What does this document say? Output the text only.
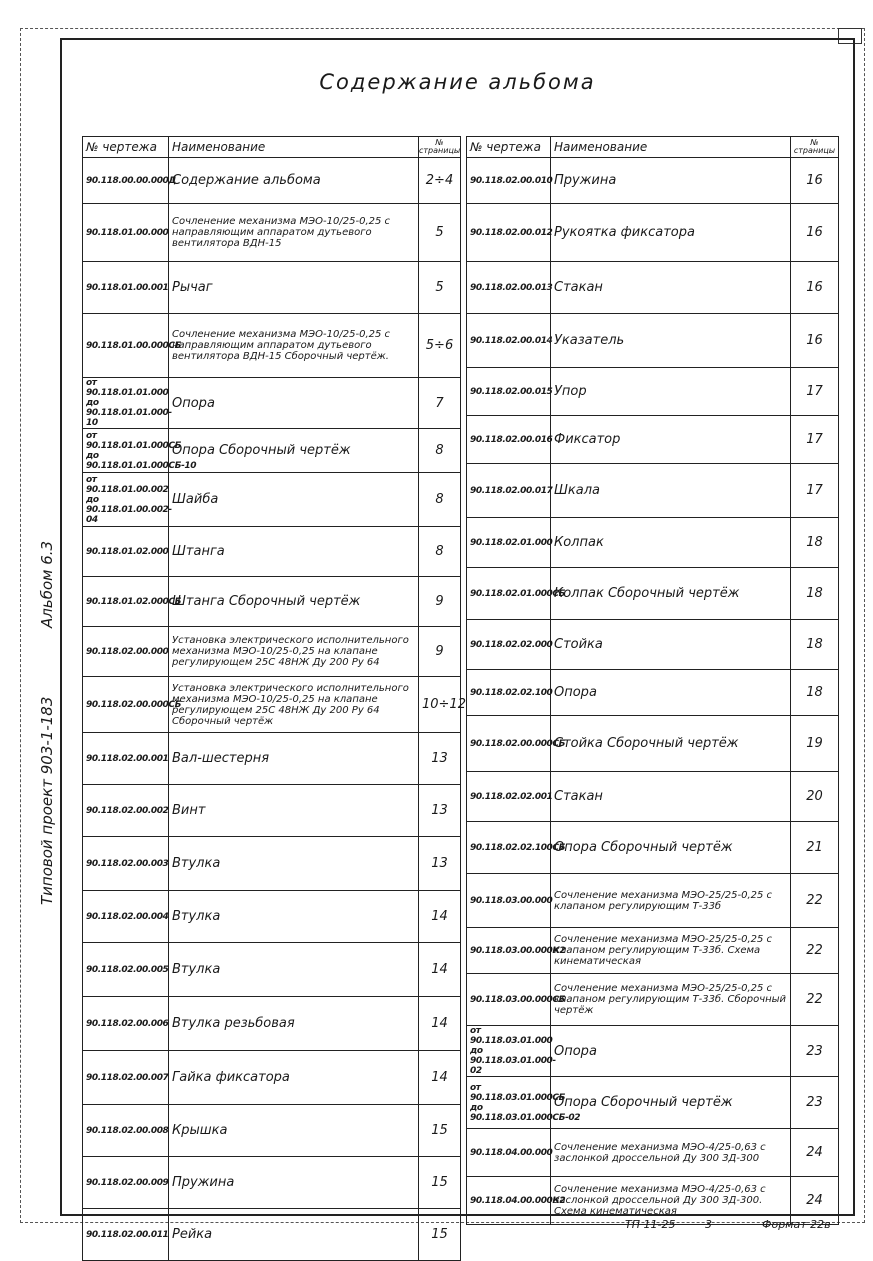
Альбом 6.3
Типовой проект 903-1-183
Содержание альбома
№ чертежа	Наименование	№ страницы
90.118.00.00.000Д	Содержание альбома	2÷4
90.118.01.00.000	Сочленение механизма МЭО-10/25-0,25 с направляющим аппаратом дутьевого вентилятора ВДН-15	5
90.118.01.00.001	Рычаг	5
90.118.01.00.000СБ	Сочленение механизма МЭО-10/25-0,25 с направляющим аппаратом дутьевого вентилятора ВДН-15 Сборочный чертёж.	5÷6
от 90.118.01.01.000 до 90.118.01.01.000-10	Опора	7
от 90.118.01.01.000СБ до 90.118.01.01.000СБ-10	Опора Сборочный чертёж	8
от 90.118.01.00.002 до 90.118.01.00.002-04	Шайба	8
90.118.01.02.000	Штанга	8
90.118.01.02.000СБ	Штанга Сборочный чертёж	9
90.118.02.00.000	Установка электрического исполнительного механизма МЭО-10/25-0,25 на клапане регулирующем 25С 48НЖ Ду 200 Ру 64	9
90.118.02.00.000СБ	Установка электрического исполнительного механизма МЭО-10/25-0,25 на клапане регулирующем 25С 48НЖ Ду 200 Ру 64 Сборочный чертёж	10÷12
90.118.02.00.001	Вал-шестерня	13
90.118.02.00.002	Винт	13
90.118.02.00.003	Втулка	13
90.118.02.00.004	Втулка	14
90.118.02.00.005	Втулка	14
90.118.02.00.006	Втулка резьбовая	14
90.118.02.00.007	Гайка фиксатора	14
90.118.02.00.008	Крышка	15
90.118.02.00.009	Пружина	15
90.118.02.00.011	Рейка	15
№ чертежа	Наименование	№ страницы
90.118.02.00.010	Пружина	16
90.118.02.00.012	Рукоятка фиксатора	16
90.118.02.00.013	Стакан	16
90.118.02.00.014	Указатель	16
90.118.02.00.015	Упор	17
90.118.02.00.016	Фиксатор	17
90.118.02.00.017	Шкала	17
90.118.02.01.000	Колпак	18
90.118.02.01.000СБ	Колпак Сборочный чертёж	18
90.118.02.02.000	Стойка	18
90.118.02.02.100	Опора	18
90.118.02.00.000СБ	Стойка Сборочный чертёж	19
90.118.02.02.001	Стакан	20
90.118.02.02.100СБ	Опора Сборочный чертёж	21
90.118.03.00.000	Сочленение механизма МЭО-25/25-0,25 с клапаном регулирующим Т-33б	22
90.118.03.00.000К2	Сочленение механизма МЭО-25/25-0,25 с клапаном регулирующим Т-33б. Схема кинематическая	22
90.118.03.00.000СБ	Сочленение механизма МЭО-25/25-0,25 с клапаном регулирующим Т-33б. Сборочный чертёж	22
от 90.118.03.01.000 до 90.118.03.01.000-02	Опора	23
от 90.118.03.01.000СБ до 90.118.03.01.000СБ-02	Опора Сборочный чертёж	23
90.118.04.00.000	Сочленение механизма МЭО-4/25-0,63 с заслонкой дроссельной Ду 300 ЗД-300	24
90.118.04.00.000К2	Сочленение механизма МЭО-4/25-0,63 с заслонкой дроссельной Ду 300 ЗД-300. Схема кинематическая	24
ТП 11-25	3	Формат 22в
